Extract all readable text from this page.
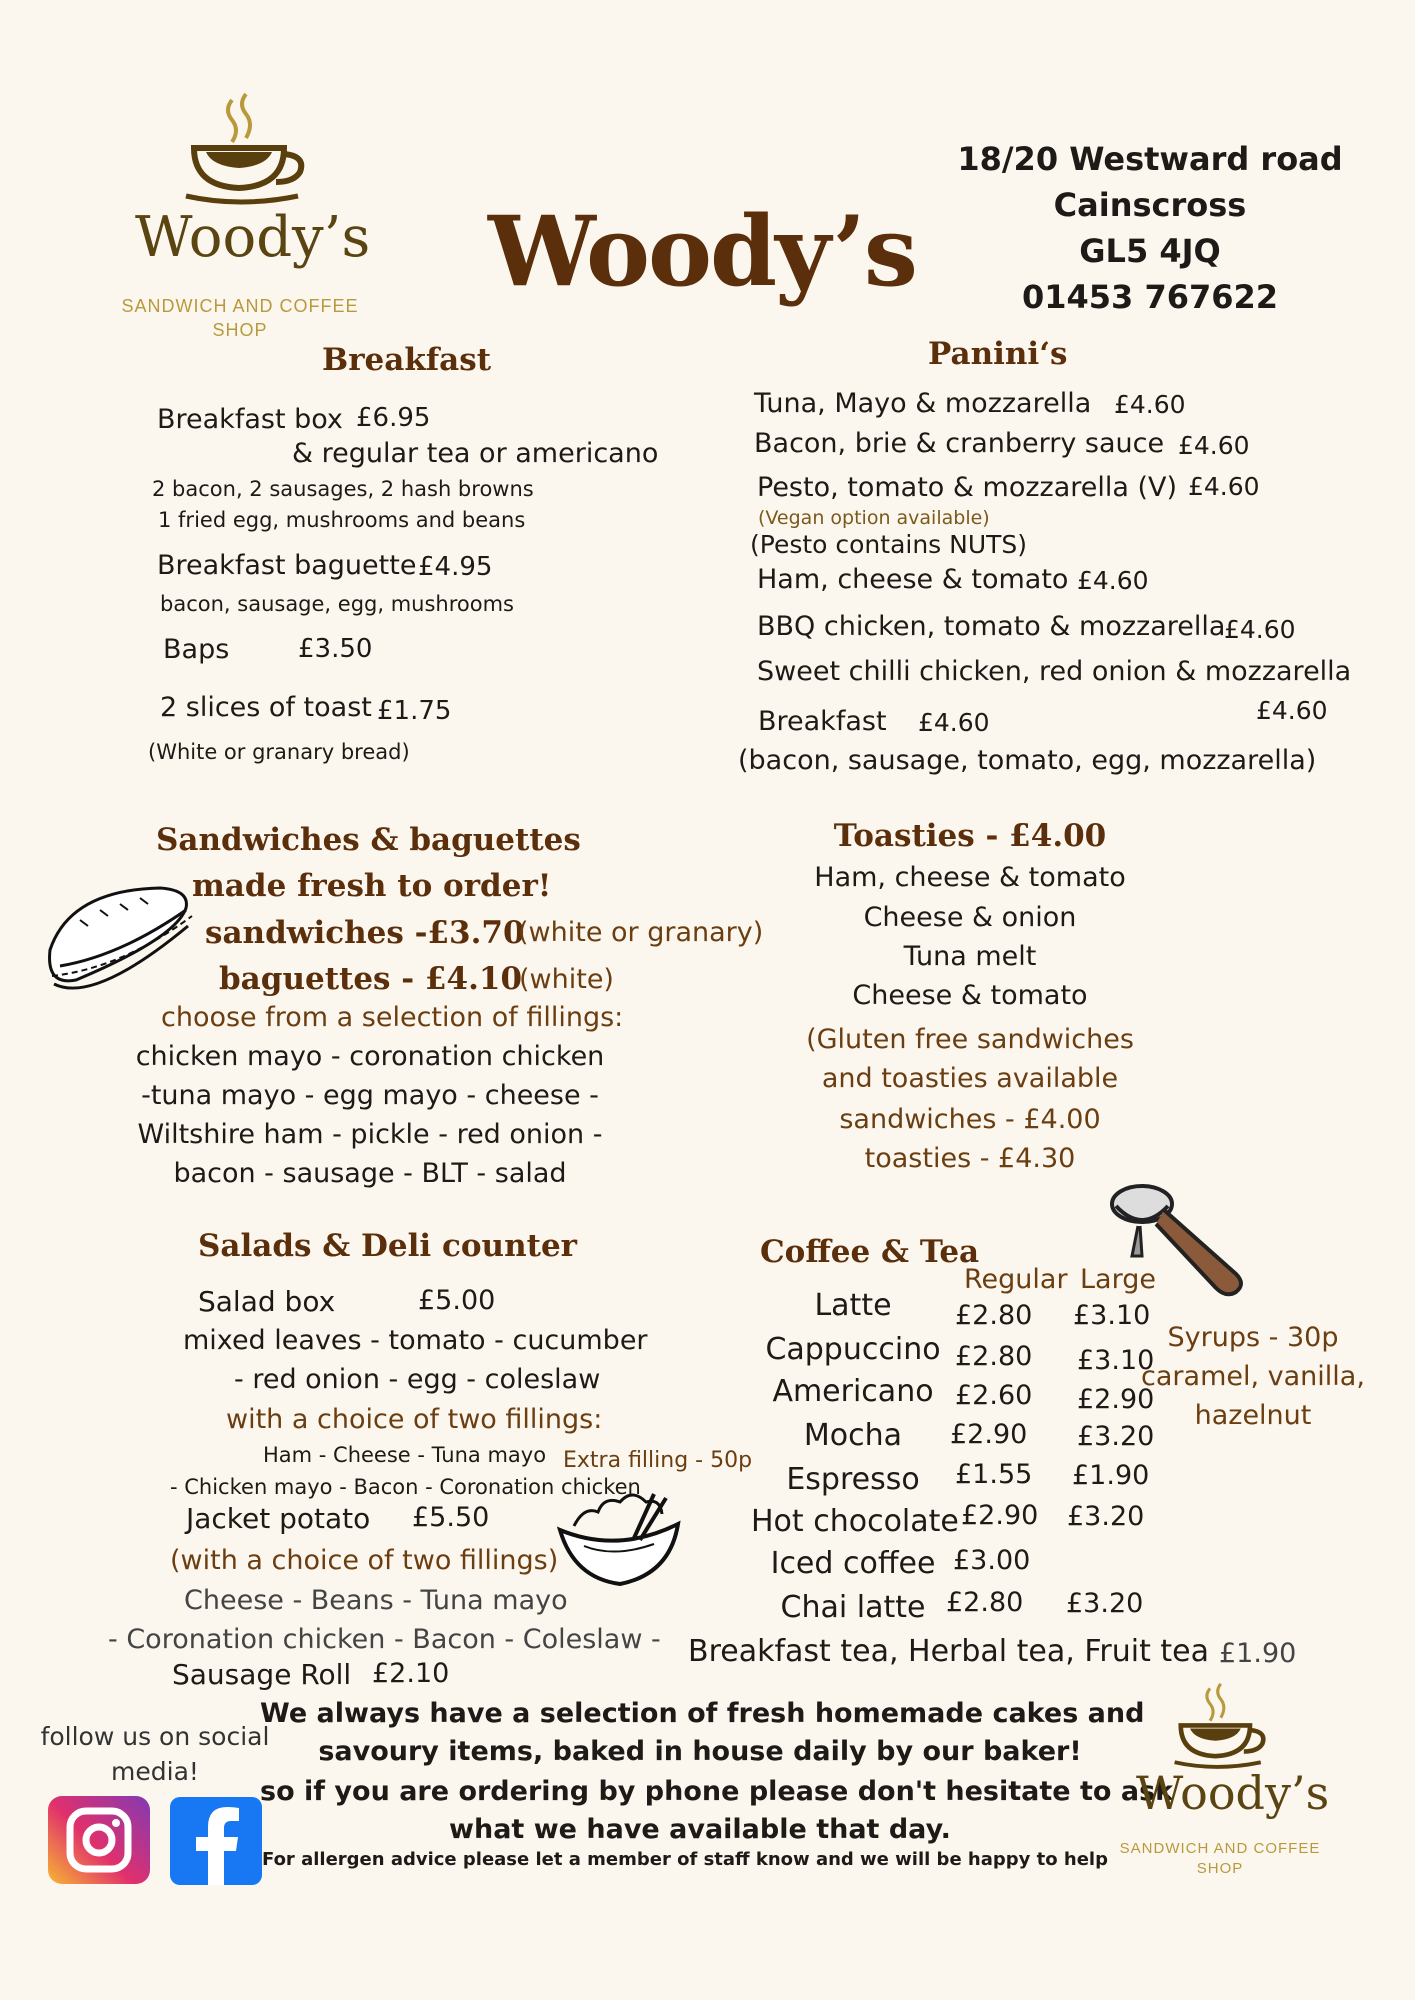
Woody’s
SANDWICH AND COFFEE
SHOP
Woody’s
18/20 Westward road
Cainscross
GL5 4JQ
01453 767622
Breakfast
Breakfast box £6.95
& regular tea or americano
2 bacon, 2 sausages, 2 hash browns
1 fried egg, mushrooms and beans
Breakfast baguette £4.95
bacon, sausage, egg, mushrooms
Baps	£3.50
2 slices of toast £1.75
(White or granary bread)
Panini‘s
Tuna, Mayo & mozzarella £4.60
Bacon, brie & cranberry sauce £4.60
Pesto, tomato & mozzarella (V) £4.60
(Vegan option available)
(Pesto contains NUTS)
Ham, cheese & tomato £4.60
BBQ chicken, tomato & mozzarella
£4.60
Sweet chilli chicken, red onion & mozzarella
£4.60
Breakfast £4.60
(bacon, sausage, tomato, egg, mozzarella)
Sandwiches & baguettes
made fresh to order!
sandwiches -£3.70
(white or granary)
baguettes - £4.10
(white)
choose from a selection of fillings:
chicken mayo - coronation chicken
-tuna mayo - egg mayo - cheese -
Wiltshire ham - pickle - red onion -
bacon - sausage - BLT - salad
Toasties - £4.00
Ham, cheese & tomato
Cheese & onion
Tuna melt
Cheese & tomato
(Gluten free sandwiches
and toasties available
sandwiches - £4.00
toasties - £4.30
Salads & Deli counter
Salad box	£5.00
mixed leaves - tomato - cucumber
- red onion - egg - coleslaw
with a choice of two fillings:
Ham - Cheese - Tuna mayo Extra filling - 50p
- Chicken mayo - Bacon - Coronation chicken
Jacket potato £5.50
(with a choice of two fillings)
Cheese - Beans - Tuna mayo
- Coronation chicken - Bacon - Coleslaw -
Sausage Roll £2.10
Coffee & Tea
Regular Large
Latte	£2.80 £3.10
Cappuccino £2.80 £3.10
Americano £2.60 £2.90
Mocha	£2.90 £3.20
Espresso	£1.55 £1.90
Hot chocolate £2.90 £3.20
Iced coffee £3.00
Chai latte £2.80 £3.20
Syrups - 30p
caramel, vanilla,
hazelnut
Breakfast tea, Herbal tea, Fruit tea £1.90
follow us on social
media!
We always have a selection of fresh homemade cakes and
savoury items, baked in house daily by our baker!
so if you are ordering by phone please don't hesitate to ask
what we have available that day.
For allergen advice please let a member of staff know and we will be happy to help
Woody’s
SANDWICH AND COFFEE
SHOP
